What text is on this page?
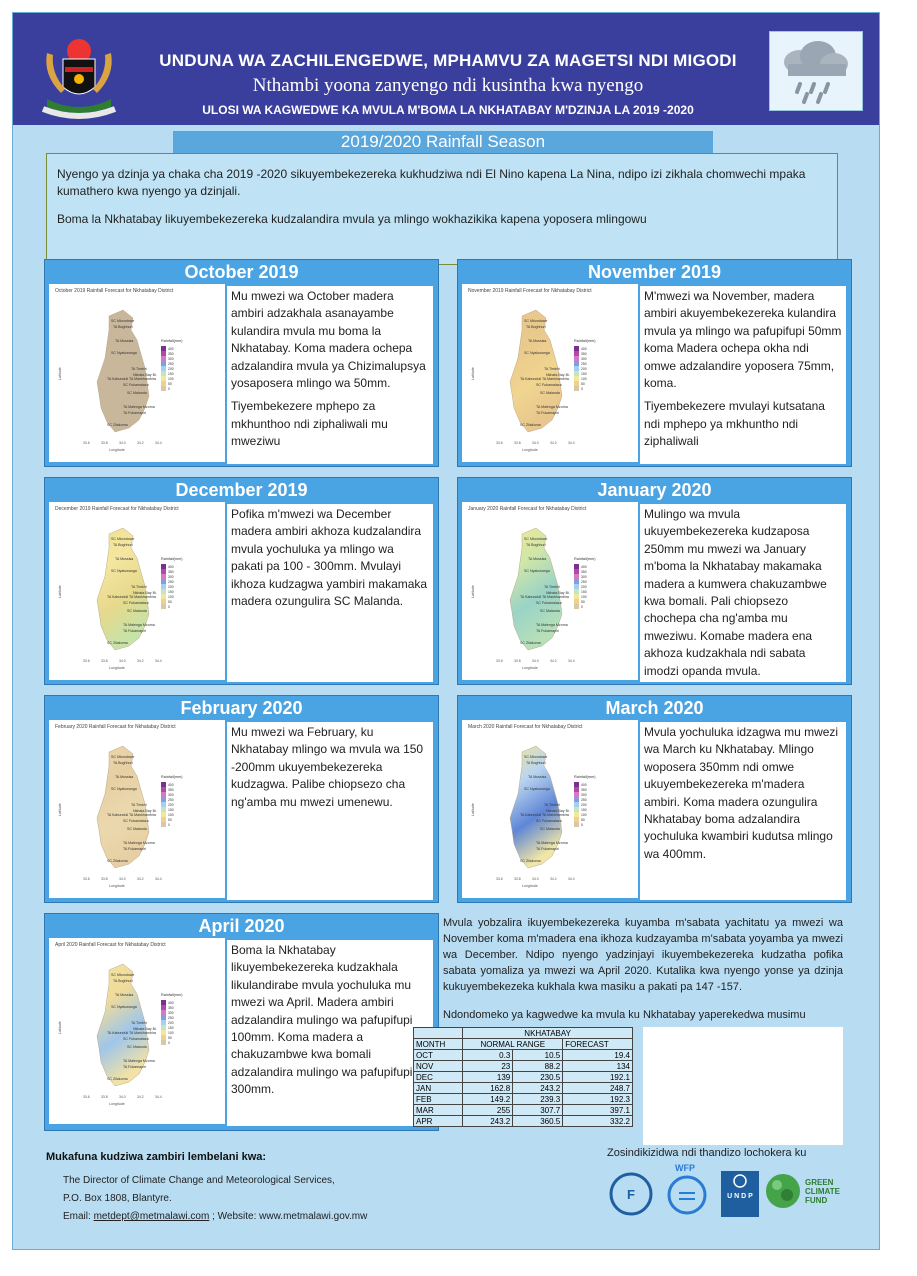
UNDUNA WA ZACHILENGEDWE, MPHAMVU ZA MAGETSI NDI MIGODI
Nthambi yoona zanyengo ndi kusintha kwa nyengo
ULOSI WA KAGWEDWE KA MVULA M'BOMA LA NKHATABAY M'DZINJA LA 2019 -2020
2019/2020 Rainfall Season

Nyengo ya dzinja ya chaka cha 2019 -2020 sikuyembekezereka kukhudziwa ndi El Nino kapena La Nina, ndipo izi zikhala chomwechi mpaka kumathero kwa nyengo ya dzinjali.

Boma la Nkhatabay likuyembekezereka kudzalandira mvula ya mlingo wokhazikika kapena yoposera mlingowu

October 2019
October 2019 Rainfall Forecast for Nkhatabay District
SC Mkondowe
TA Boghhuri
TA Mussisa
SC Nyaluwanga
TA Timbiri
Nkhata Bay Bi.
TA Kabunduli TA Mankhambira
SC Fukamalaza
SC Malanda
TA Malenga Mzoma
TA Fukamapiri
SC Zilakoma
Rainfall(mm)
400
350
300
250
200
150
100
50
0
33.6	33.8	34.0	34.2	34.4
Longitude
Latitude
Mu mwezi wa October madera ambiri adzakhala asanayambe kulandira mvula mu boma la Nkhatabay. Koma madera ochepa adzalandira mvula ya Chizimalupsya yosaposera mlingo wa 50mm.
Tiyembekezere mphepo za mkhunthoo ndi ziphaliwali mu mweziwu
November 2019
November 2019 Rainfall Forecast for Nkhatabay District
SC Mkondowe
TA Boghhuri
TA Mussisa
SC Nyaluwanga
TA Timbiri
Nkhata Bay Bi.
TA Kabunduli TA Mankhambira
SC Fukamalaza
SC Malanda
TA Malenga Mzoma
TA Fukamapiri
SC Zilakoma
Rainfall(mm)
400
350
300
250
200
150
100
50
0
33.6	33.8	34.0	34.2	34.4
Longitude
Latitude
M'mwezi wa November, madera ambiri akuyembekezereka kulandira mvula ya mlingo wa pafupifupi 50mm koma Madera ochepa okha ndi omwe adzalandire yoposera 75mm, koma.
Tiyembekezere mvulayi kutsatana ndi mphepo ya mkhuntho ndi ziphaliwali
December 2019
December 2019 Rainfall Forecast for Nkhatabay District
SC Mkondowe
TA Boghhuri
TA Mussisa
SC Nyaluwanga
TA Timbiri
Nkhata Bay Bi.
TA Kabunduli TA Mankhambira
SC Fukamalaza
SC Malanda
TA Malenga Mzoma
TA Fukamapiri
SC Zilakoma
Rainfall(mm)
400
350
300
250
200
150
100
50
0
33.6	33.8	34.0	34.2	34.4
Longitude
Latitude
Pofika m'mwezi wa December madera ambiri akhoza kudzalandira mvula yochuluka ya mlingo wa pakati pa 100 - 300mm. Mvulayi ikhoza kudzagwa yambiri makamaka madera ozungulira SC Malanda.
January 2020
January 2020 Rainfall Forecast for Nkhatabay District
SC Mkondowe
TA Boghhuri
TA Mussisa
SC Nyaluwanga
TA Timbiri
Nkhata Bay Bi.
TA Kabunduli TA Mankhambira
SC Fukamalaza
SC Malanda
TA Malenga Mzoma
TA Fukamapiri
SC Zilakoma
Rainfall(mm)
400
350
300
250
200
150
100
50
0
33.6	33.8	34.0	34.2	34.4
Longitude
Latitude
Mulingo wa mvula ukuyembekezereka kudzaposa 250mm mu mwezi wa January m'boma la Nkhatabay makamaka madera a kumwera chakuzambwe kwa bomali. Pali chiopsezo chochepa cha ng'amba mu mweziwu. Komabe madera ena akhoza kudzakhala ndi sabata imodzi opanda mvula.
February 2020
February 2020 Rainfall Forecast for Nkhatabay District
SC Mkondowe
TA Boghhuri
TA Mussisa
SC Nyaluwanga
TA Timbiri
Nkhata Bay Bi.
TA Kabunduli TA Mankhambira
SC Fukamalaza
SC Malanda
TA Malenga Mzoma
TA Fukamapiri
SC Zilakoma
Rainfall(mm)
400
350
300
250
200
150
100
50
0
33.6	33.8	34.0	34.2	34.4
Longitude
Latitude
Mu mwezi wa February, ku Nkhatabay mlingo wa mvula wa 150 -200mm ukuyembekezereka kudzagwa. Palibe chiopsezo cha ng'amba mu mwezi umenewu.
March 2020
March 2020 Rainfall Forecast for Nkhatabay District
SC Mkondowe
TA Boghhuri
TA Mussisa
SC Nyaluwanga
TA Timbiri
Nkhata Bay Bi.
TA Kabunduli TA Mankhambira
SC Fukamalaza
SC Malanda
TA Malenga Mzoma
TA Fukamapiri
SC Zilakoma
Rainfall(mm)
400
350
300
250
200
150
100
50
0
33.6	33.8	34.0	34.2	34.4
Longitude
Latitude
Mvula yochuluka idzagwa mu mwezi wa March ku Nkhatabay. Mlingo woposera 350mm ndi omwe ukuyembekezereka m'madera ambiri. Koma madera ozungulira Nkhatabay boma adzalandira yochuluka kwambiri kudutsa mlingo wa 400mm.
April 2020
April 2020 Rainfall Forecast for Nkhatabay District
SC Mkondowe
TA Boghhuri
TA Mussisa
SC Nyaluwanga
TA Timbiri
Nkhata Bay Bi.
TA Kabunduli TA Mankhambira
SC Fukamalaza
SC Malanda
TA Malenga Mzoma
TA Fukamapiri
SC Zilakoma
Rainfall(mm)
400
350
300
250
200
150
100
50
0
33.6	33.8	34.0	34.2	34.4
Longitude
Latitude
Boma la Nkhatabay likuyembekezereka kudzakhala likulandirabe mvula yochuluka mu mwezi wa April. Madera ambiri adzalandira mulingo wa pafupifupi 100mm. Koma madera a chakuzambwe kwa bomali adzalandira mulingo wa pafupifupi 300mm.
Mvula yobzalira ikuyembekezereka kuyamba m'sabata yachitatu ya mwezi wa November koma m'madera ena ikhoza kudzayamba m'sabata yoyamba ya mwezi wa December. Ndipo nyengo yadzinjayi ikuyembekezereka kudzatha pofika sabata yomaliza ya mwezi wa April 2020. Kutalika kwa nyengo yonse ya dzinja kukuyembekezeka kukhala kwa masiku a pakati pa 147 -157.
Ndondomeko ya kagwedwe ka mvula ku Nkhatabay yaperekedwa musimu
	NKHATABAY		
MONTH	NORMAL RANGE		FORECAST
OCT	0.3	10.5	19.4
NOV	23	88.2	134
DEC	139	230.5	192.1
JAN	162.8	243.2	248.7
FEB	149.2	239.3	192.3
MAR	255	307.7	397.1
APR	243.2	360.5	332.2
Mukafuna kudziwa zambiri lembelani kwa:
The Director of Climate Change and Meteorological Services,
P.O. Box 1808, Blantyre.
Email: metdept@metmalawi.com ; Website: www.metmalawi.gov.mw
Zosindikizidwa ndi thandizo lochokera ku
F
WFP
U N D P
GREEN CLIMATE FUND
